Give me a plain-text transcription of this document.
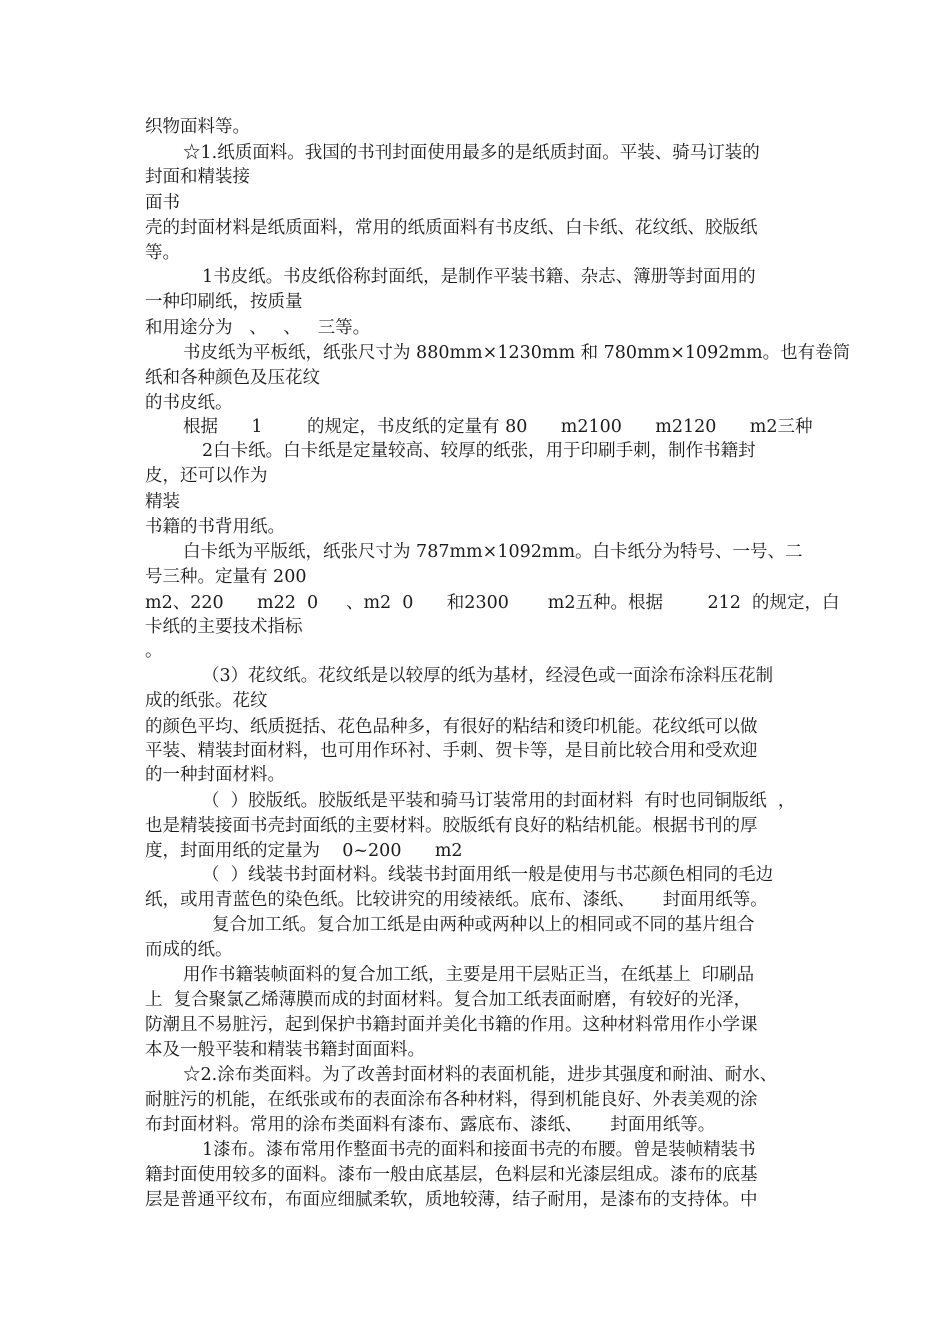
织物面料等。
☆1.纸质面料。我国的书刊封面使用最多的是纸质封面。平装、骑马订装的
封面和精装接
面书
壳的封面材料是纸质面料，常用的纸质面料有书皮纸、白卡纸、花纹纸、胶版纸
等。
1书皮纸。书皮纸俗称封面纸，是制作平装书籍、杂志、簿册等封面用的
一种印刷纸，按质量
和用途分为   、   、   三等。
书皮纸为平板纸，纸张尺寸为 880mm×1230mm 和 780mm×1092mm。也有卷筒
纸和各种颜色及压花纹
的书皮纸。
根据      1        的规定，书皮纸的定量有 80      m2100      m2120      m2三种
2白卡纸。白卡纸是定量较高、较厚的纸张，用于印刷手刺，制作书籍封
皮，还可以作为
精装
书籍的书背用纸。
白卡纸为平版纸，纸张尺寸为 787mm×1092mm。白卡纸分为特号、一号、二
号三种。定量有 200
m2、220      m22  0     、m2  0      和2300       m2五种。根据        212  的规定，白
卡纸的主要技术指标
。
（3）花纹纸。花纹纸是以较厚的纸为基材，经浸色或一面涂布涂料压花制
成的纸张。花纹
的颜色平均、纸质挺括、花色品种多，有很好的粘结和烫印机能。花纹纸可以做
平装、精装封面材料，也可用作环衬、手刺、贺卡等，是目前比较合用和受欢迎
的一种封面材料。
（  ）胶版纸。胶版纸是平装和骑马订装常用的封面材料  有时也同铜版纸  ，
也是精装接面书壳封面纸的主要材料。胶版纸有良好的粘结机能。根据书刊的厚
度，封面用纸的定量为    0~200      m2
（  ）线装书封面材料。线装书封面用纸一般是使用与书芯颜色相同的毛边
纸，或用青蓝色的染色纸。比较讲究的用绫裱纸。底布、漆纸、     封面用纸等。
复合加工纸。复合加工纸是由两种或两种以上的相同或不同的基片组合
而成的纸。
用作书籍装帧面料的复合加工纸，主要是用干层贴正当，在纸基上  印刷品
上  复合聚氯乙烯薄膜而成的封面材料。复合加工纸表面耐磨，有较好的光泽，
防潮且不易脏污，起到保护书籍封面并美化书籍的作用。这种材料常用作小学课
本及一般平装和精装书籍封面面料。
☆2.涂布类面料。为了改善封面材料的表面机能，进步其强度和耐油、耐水、
耐脏污的机能，在纸张或布的表面涂布各种材料，得到机能良好、外表美观的涂
布封面材料。常用的涂布类面料有漆布、露底布、漆纸、     封面用纸等。
1漆布。漆布常用作整面书壳的面料和接面书壳的布腰。曾是装帧精装书
籍封面使用较多的面料。漆布一般由底基层，色料层和光漆层组成。漆布的底基
层是普通平纹布，布面应细腻柔软，质地较薄，结子耐用，是漆布的支持体。中
